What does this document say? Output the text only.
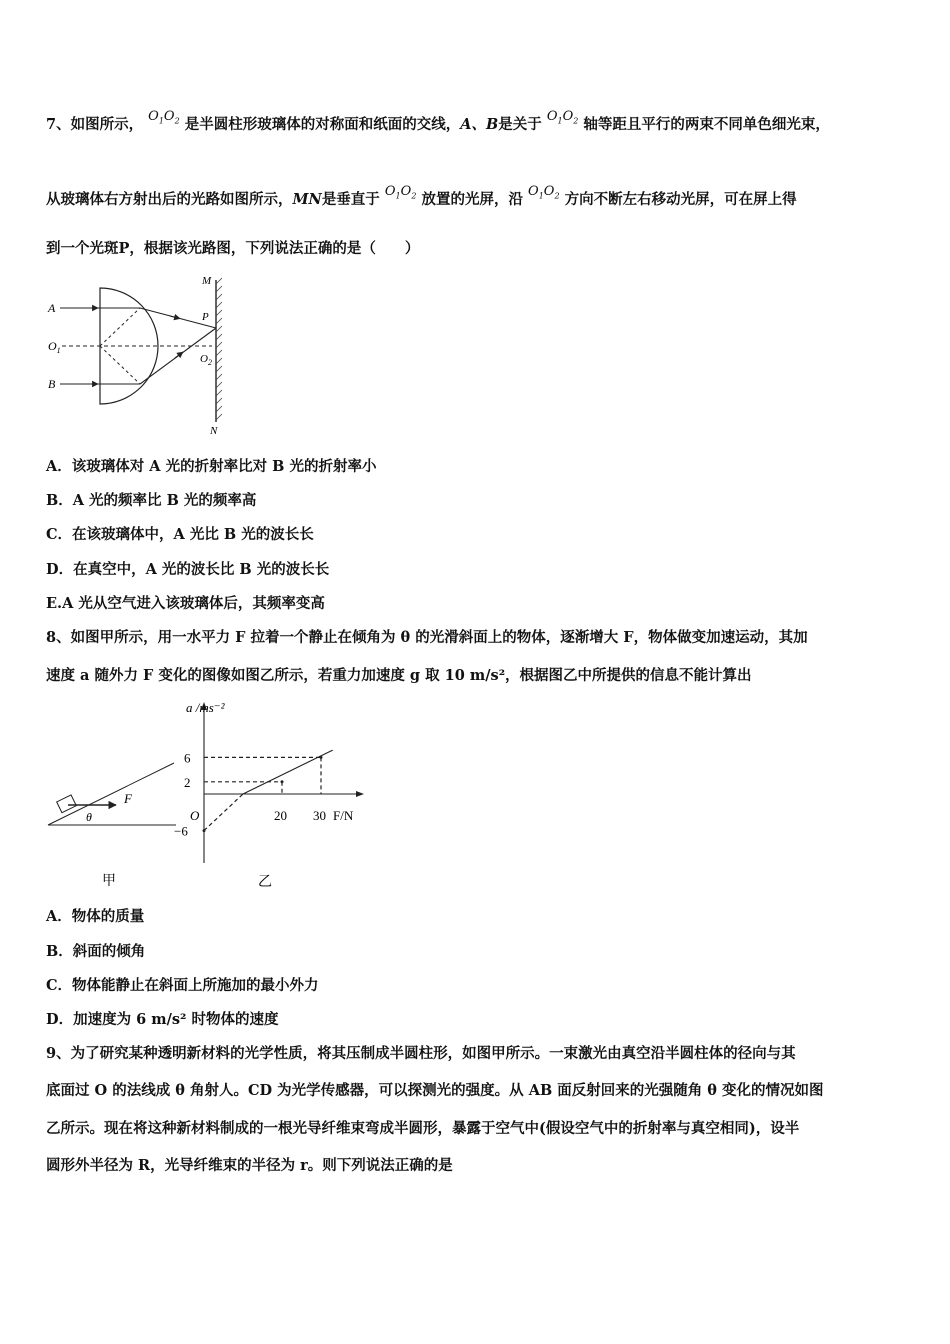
7、如图所示， $O_1O_2$ 是半圆柱形玻璃体的对称面和纸面的交线，A、B是关于 $O_1O_2$ 轴等距且平行的两束不同单色细光束，
从玻璃体右方射出后的光路如图所示，MN是垂直于 $O_1O_2$ 放置的光屏，沿 $O_1O_2$ 方向不断左右移动光屏，可在屏上得
到一个光斑P，根据该光路图，下列说法正确的是（　　）
A
B
$O_1$
$O_2$
P
M
N
A．该玻璃体对 A 光的折射率比对 B 光的折射率小
B．A 光的频率比 B 光的频率高
C．在该玻璃体中，A 光比 B 光的波长长
D．在真空中，A 光的波长比 B 光的波长长
E.A 光从空气进入该玻璃体后，其频率变高
8、如图甲所示，用一水平力 F 拉着一个静止在倾角为 θ 的光滑斜面上的物体，逐渐增大 F，物体做变加速运动，其加
速度 a 随外力 F 变化的图像如图乙所示，若重力加速度 g 取 10 m/s²，根据图乙中所提供的信息不能计算出
F
θ
甲
a /ms⁻²
O	F/N
20 30
6
2
−6
乙
A．物体的质量
B．斜面的倾角
C．物体能静止在斜面上所施加的最小外力
D．加速度为 6 m/s² 时物体的速度
9、为了研究某种透明新材料的光学性质，将其压制成半圆柱形，如图甲所示。一束激光由真空沿半圆柱体的径向与其
底面过 O 的法线成 θ 角射人。CD 为光学传感器，可以探测光的强度。从 AB 面反射回来的光强随角 θ 变化的情况如图
乙所示。现在将这种新材料制成的一根光导纤维束弯成半圆形，暴露于空气中(假设空气中的折射率与真空相同)，设半
圆形外半径为 R，光导纤维束的半径为 r。则下列说法正确的是
